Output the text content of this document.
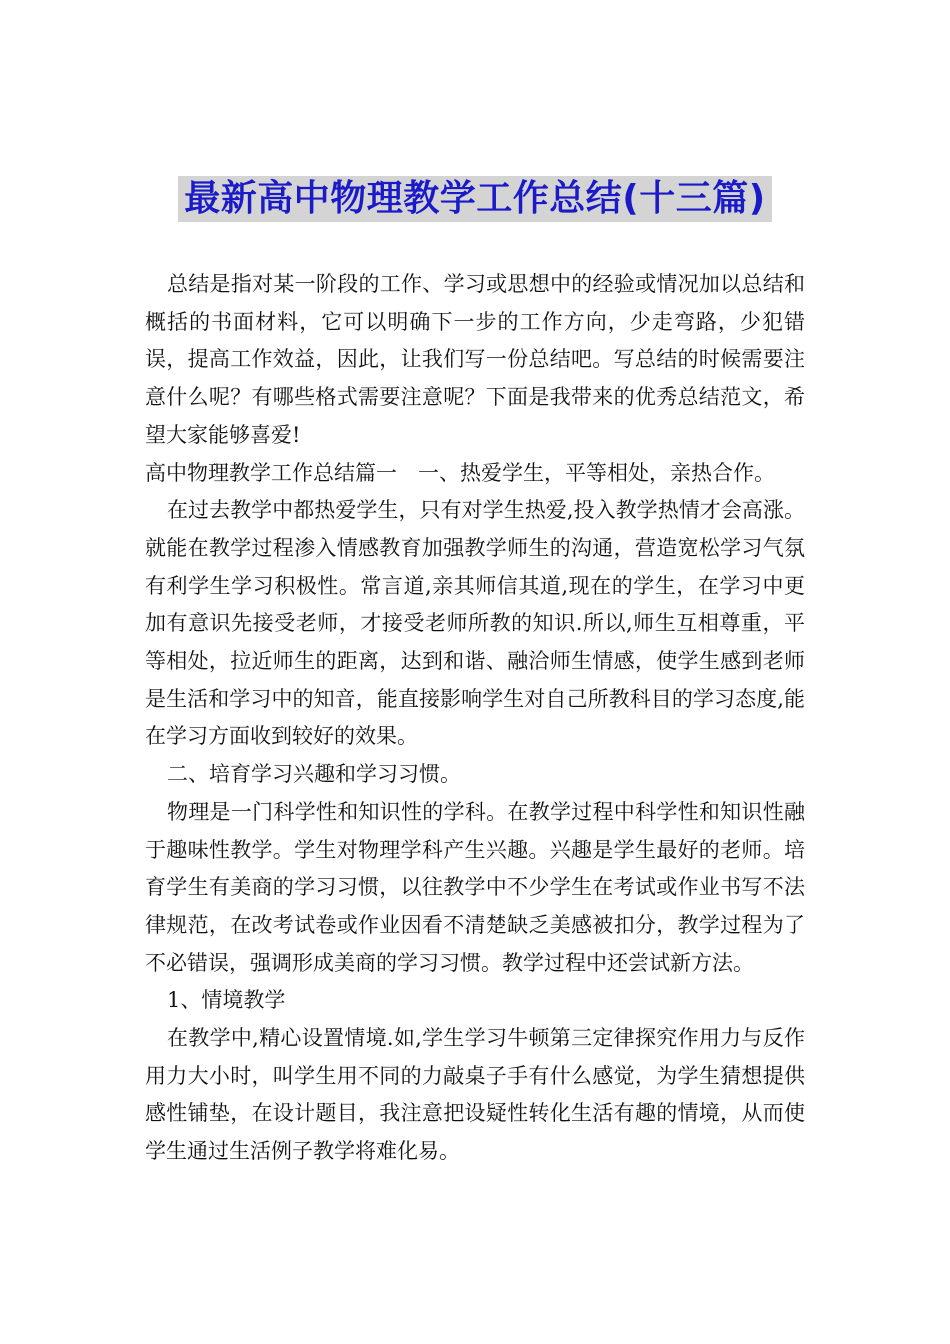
最新高中物理教学工作总结(十三篇)

总结是指对某一阶段的工作、学习或思想中的经验或情况加以总结和概括的书面材料，它可以明确下一步的工作方向，少走弯路，少犯错误，提高工作效益，因此，让我们写一份总结吧。写总结的时候需要注意什么呢？有哪些格式需要注意呢？下面是我带来的优秀总结范文，希望大家能够喜爱!

高中物理教学工作总结篇一　一、热爱学生，平等相处，亲热合作。

在过去教学中都热爱学生，只有对学生热爱,投入教学热情才会高涨。就能在教学过程渗入情感教育加强教学师生的沟通，营造宽松学习气氛有利学生学习积极性。常言道,亲其师信其道,现在的学生，在学习中更加有意识先接受老师，才接受老师所教的知识.所以,师生互相尊重，平等相处，拉近师生的距离，达到和谐、融洽师生情感，使学生感到老师是生活和学习中的知音，能直接影响学生对自己所教科目的学习态度,能在学习方面收到较好的效果。

二、培育学习兴趣和学习习惯。

物理是一门科学性和知识性的学科。在教学过程中科学性和知识性融于趣味性教学。学生对物理学科产生兴趣。兴趣是学生最好的老师。培育学生有美商的学习习惯，以往教学中不少学生在考试或作业书写不法律规范，在改考试卷或作业因看不清楚缺乏美感被扣分，教学过程为了不必错误，强调形成美商的学习习惯。教学过程中还尝试新方法。

1、情境教学

在教学中,精心设置情境.如,学生学习牛顿第三定律探究作用力与反作用力大小时，叫学生用不同的力敲桌子手有什么感觉，为学生猜想提供感性铺垫，在设计题目，我注意把设疑性转化生活有趣的情境，从而使学生通过生活例子教学将难化易。
